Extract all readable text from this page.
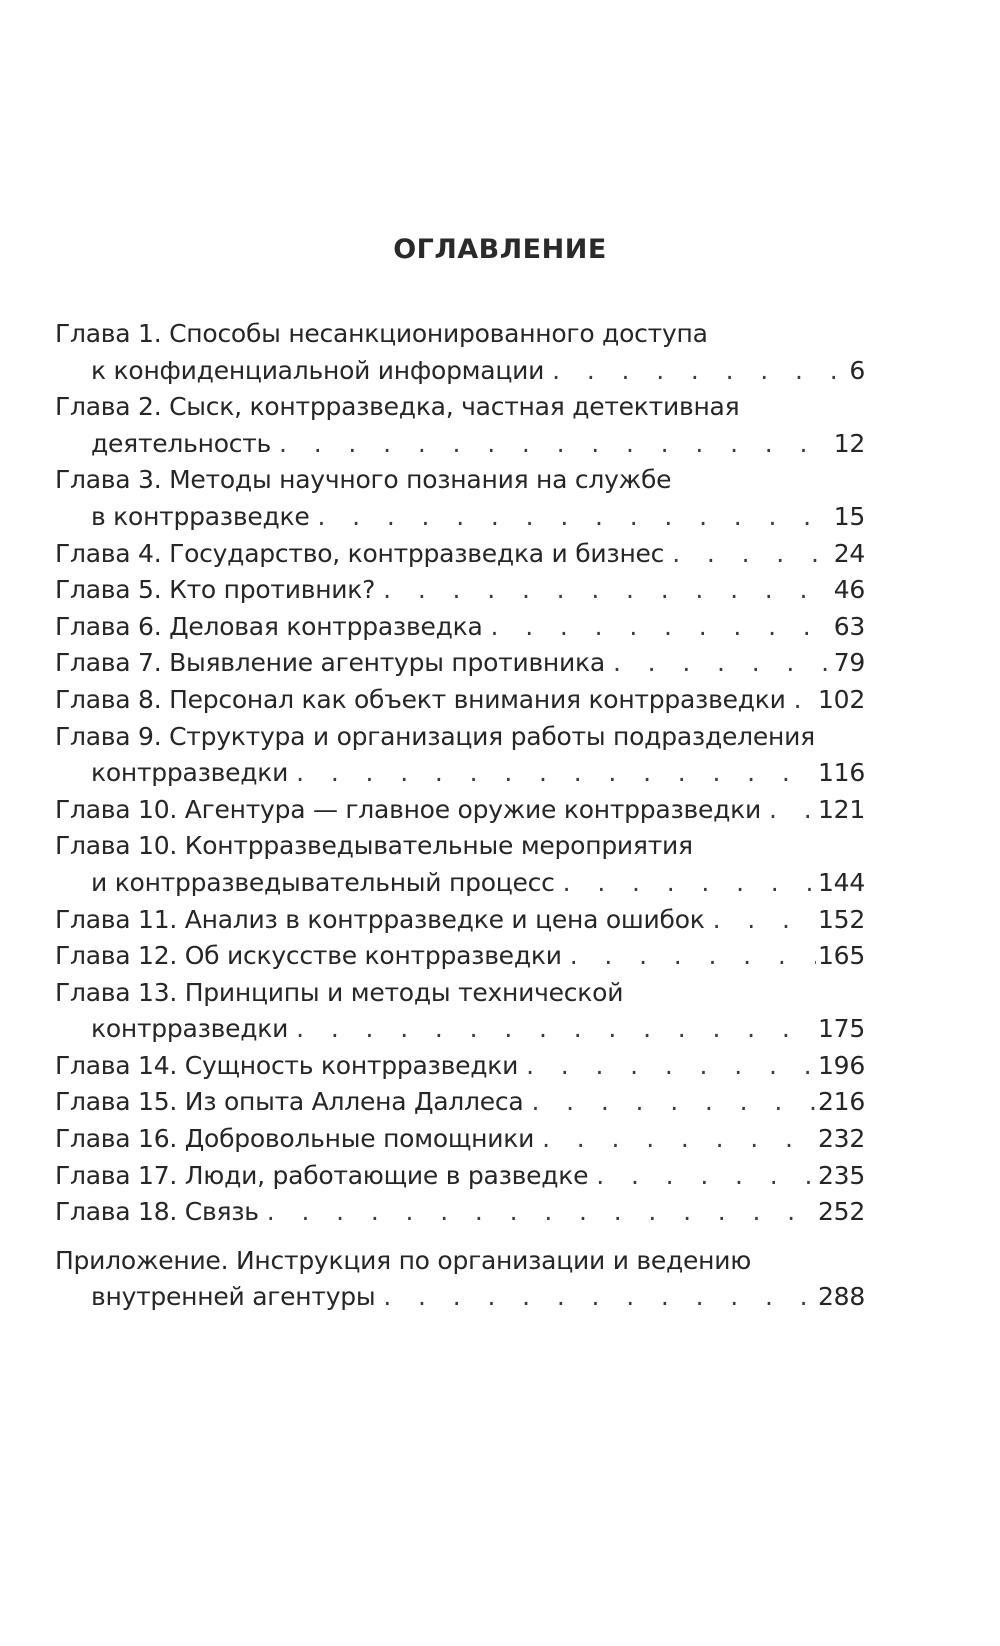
ОГЛАВЛЕНИЕ
Глава 1. Способы несанкционированного доступа
к конфиденциальной информации . . .	6
Глава 2. Сыск, контрразведка, частная детективная
деятельность . . .	12
Глава 3. Методы научного познания на службе
в контрразведке . . .	15
Глава 4. Государство, контрразведка и бизнес . . .	24
Глава 5. Кто противник? . . .	46
Глава 6. Деловая контрразведка . . .	63
Глава 7. Выявление агентуры противника . . .	79
Глава 8. Персонал как объект внимания контрразведки . . . 102
Глава 9. Структура и организация работы подразделения
контрразведки . . .	116
Глава 10. Агентура — главное оружие контрразведки . . . 121
Глава 10. Контрразведывательные мероприятия
и контрразведывательный процесс . . .	144
Глава 11. Анализ в контрразведке и цена ошибок . . .	152
Глава 12. Об искусстве контрразведки . . .	165
Глава 13. Принципы и методы технической
контрразведки . . .	175
Глава 14. Сущность контрразведки . . .	196
Глава 15. Из опыта Аллена Даллеса . . .	216
Глава 16. Добровольные помощники . . .	232
Глава 17. Люди, работающие в разведке . . .	235
Глава 18. Связь . . .	252
Приложение. Инструкция по организации и ведению
внутренней агентуры . . .	288
